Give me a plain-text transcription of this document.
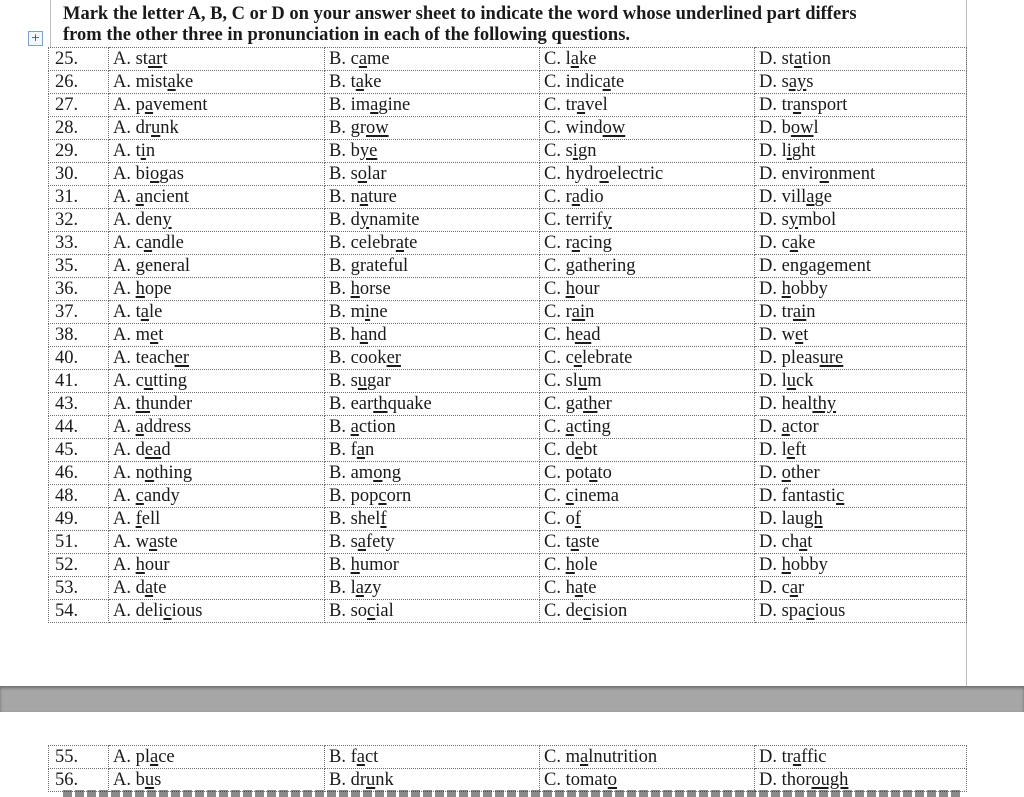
+
Mark the letter A, B, C or D on your answer sheet to indicate the word whose underlined part differs
from the other three in pronunciation in each of the following questions.
25.	A. start	B. came	C. lake	D. station
26.	A. mistake	B. take	C. indicate	D. says
27.	A. pavement	B. imagine	C. travel	D. transport
28.	A. drunk	B. grow	C. window	D. bowl
29.	A. tin	B. bye	C. sign	D. light
30.	A. biogas	B. solar	C. hydroelectric	D. environment
31.	A. ancient	B. nature	C. radio	D. village
32.	A. deny	B. dynamite	C. terrify	D. symbol
33.	A. candle	B. celebrate	C. racing	D. cake
35.	A. general	B. grateful	C. gathering	D. engagement
36.	A. hope	B. horse	C. hour	D. hobby
37.	A. tale	B. mine	C. rain	D. train
38.	A. met	B. hand	C. head	D. wet
40.	A. teacher	B. cooker	C. celebrate	D. pleasure
41.	A. cutting	B. sugar	C. slum	D. luck
43.	A. thunder	B. earthquake	C. gather	D. healthy
44.	A. address	B. action	C. acting	D. actor
45.	A. dead	B. fan	C. debt	D. left
46.	A. nothing	B. among	C. potato	D. other
48.	A. candy	B. popcorn	C. cinema	D. fantastic
49.	A. fell	B. shelf	C. of	D. laugh
51.	A. waste	B. safety	C. taste	D. chat
52.	A. hour	B. humor	C. hole	D. hobby
53.	A. date	B. lazy	C. hate	D. car
54.	A. delicious	B. social	C. decision	D. spacious
55.	A. place	B. fact	C. malnutrition	D. traffic
56.	A. bus	B. drunk	C. tomato	D. thorough
